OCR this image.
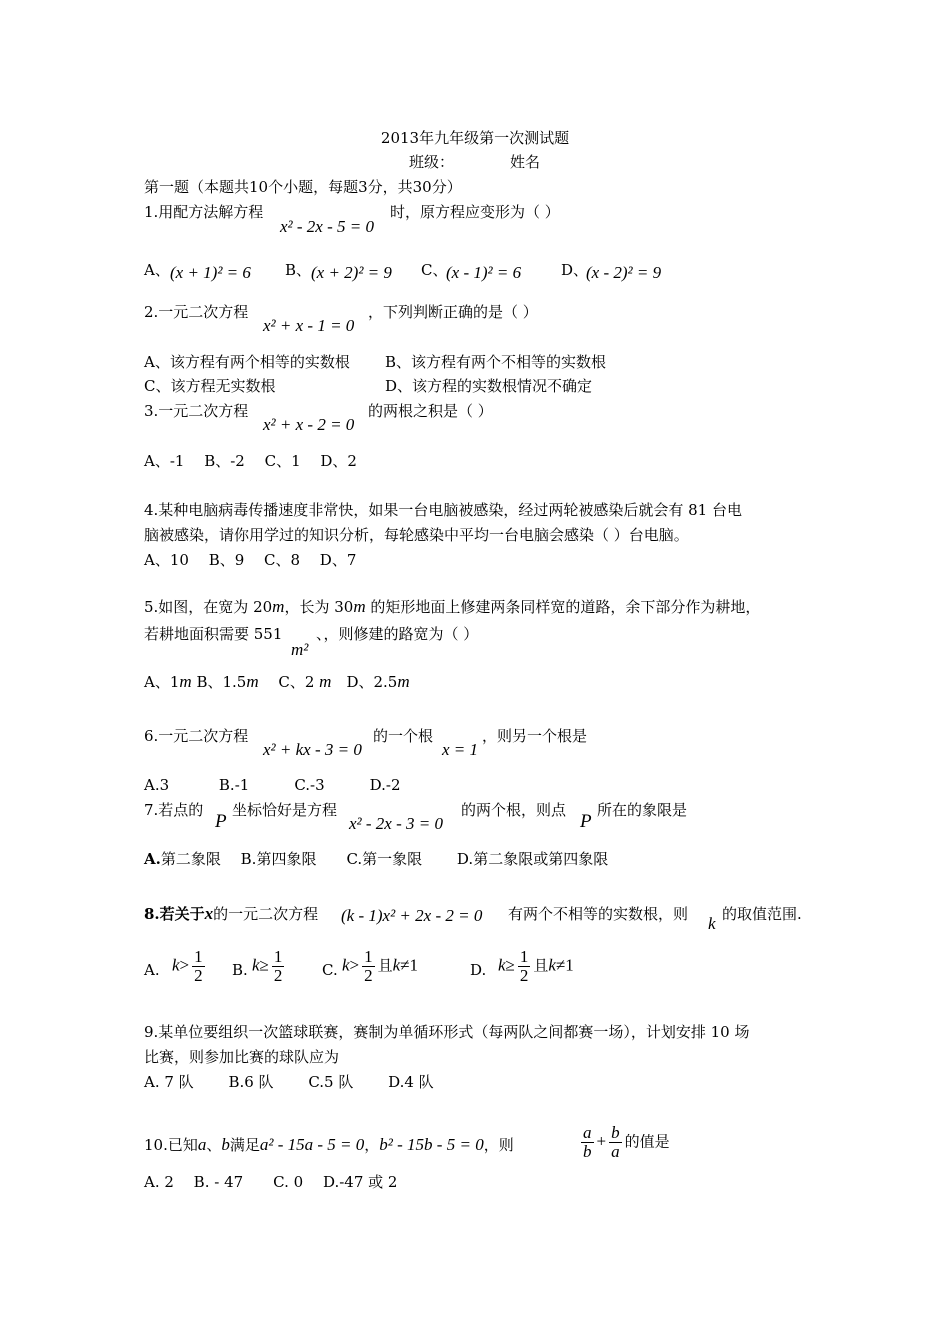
2013年九年级第一次测试题
班级：	姓名
第一题（本题共10个小题，每题3分，共30分）
1.用配方法解方程
x² - 2x - 5 = 0
时，原方程应变形为（ ）
A、 (x + 1)² = 6 B、 (x + 2)² = 9 C、
(x - 1)² = 6	D、
(x - 2)² = 9
2.一元二次方程
x² + x - 1 = 0
，下列判断正确的是（ ）
A、该方程有两个相等的实数根 B、该方程有两个不相等的实数根
C、该方程无实数根	D、该方程的实数根情况不确定
3.一元二次方程
x² + x - 2 = 0
的两根之积是（ ）
A、-1　 B、-2　 C、1　 D、2
4.某种电脑病毒传播速度非常快，如果一台电脑被感染，经过两轮被感染后就会有 81 台电
脑被感染，请你用学过的知识分析，每轮感染中平均一台电脑会感染（ ）台电脑。
A、10　 B、9　 C、8　 D、7
5.如图，在宽为 20m，长为 30m 的矩形地面上修建两条同样宽的道路，余下部分作为耕地，
若耕地面积需要 551
m²
、，则修建的路宽为（ ）
A、1m B、1.5m　 C、2 m　D、2.5m
6.一元二次方程
x² + kx - 3 = 0
的一个根
x = 1
，则另一个根是
A.3　　　 B.-1　　　C.-3　　　D.-2
7.若点的
P
坐标恰好是方程
x² - 2x - 3 = 0
的两个根，则点
P
所在的象限是
A.第二象限　 B.第四象限　　C.第一象限　　 D.第二象限或第四象限
8.若关于x的一元二次方程 (k - 1)x² + 2x - 2 = 0 有两个不相等的实数根，则 k 的取值范围.
A. $k> \frac{1}{2} B$. $k\ge \frac{1}{2}$	C. $k> \frac{1}{2}$ 且k≠1	D. $k\ge \frac{1}{2}$ 且k≠1
9.某单位要组织一次篮球联赛，赛制为单循环形式（每两队之间都赛一场），计划安排 10 场
比赛，则参加比赛的球队应为
A. 7 队　　 B.6 队　　 C.5 队　　 D.4 队
10.已知a、b满足a² - 15a - 5 = 0，b² - 15b - 5 = 0，则	$\frac{a}{b} + \frac{b}{a}$ 的值是
A. 2　 B. - 47　　C. 0　 D.-47 或 2
